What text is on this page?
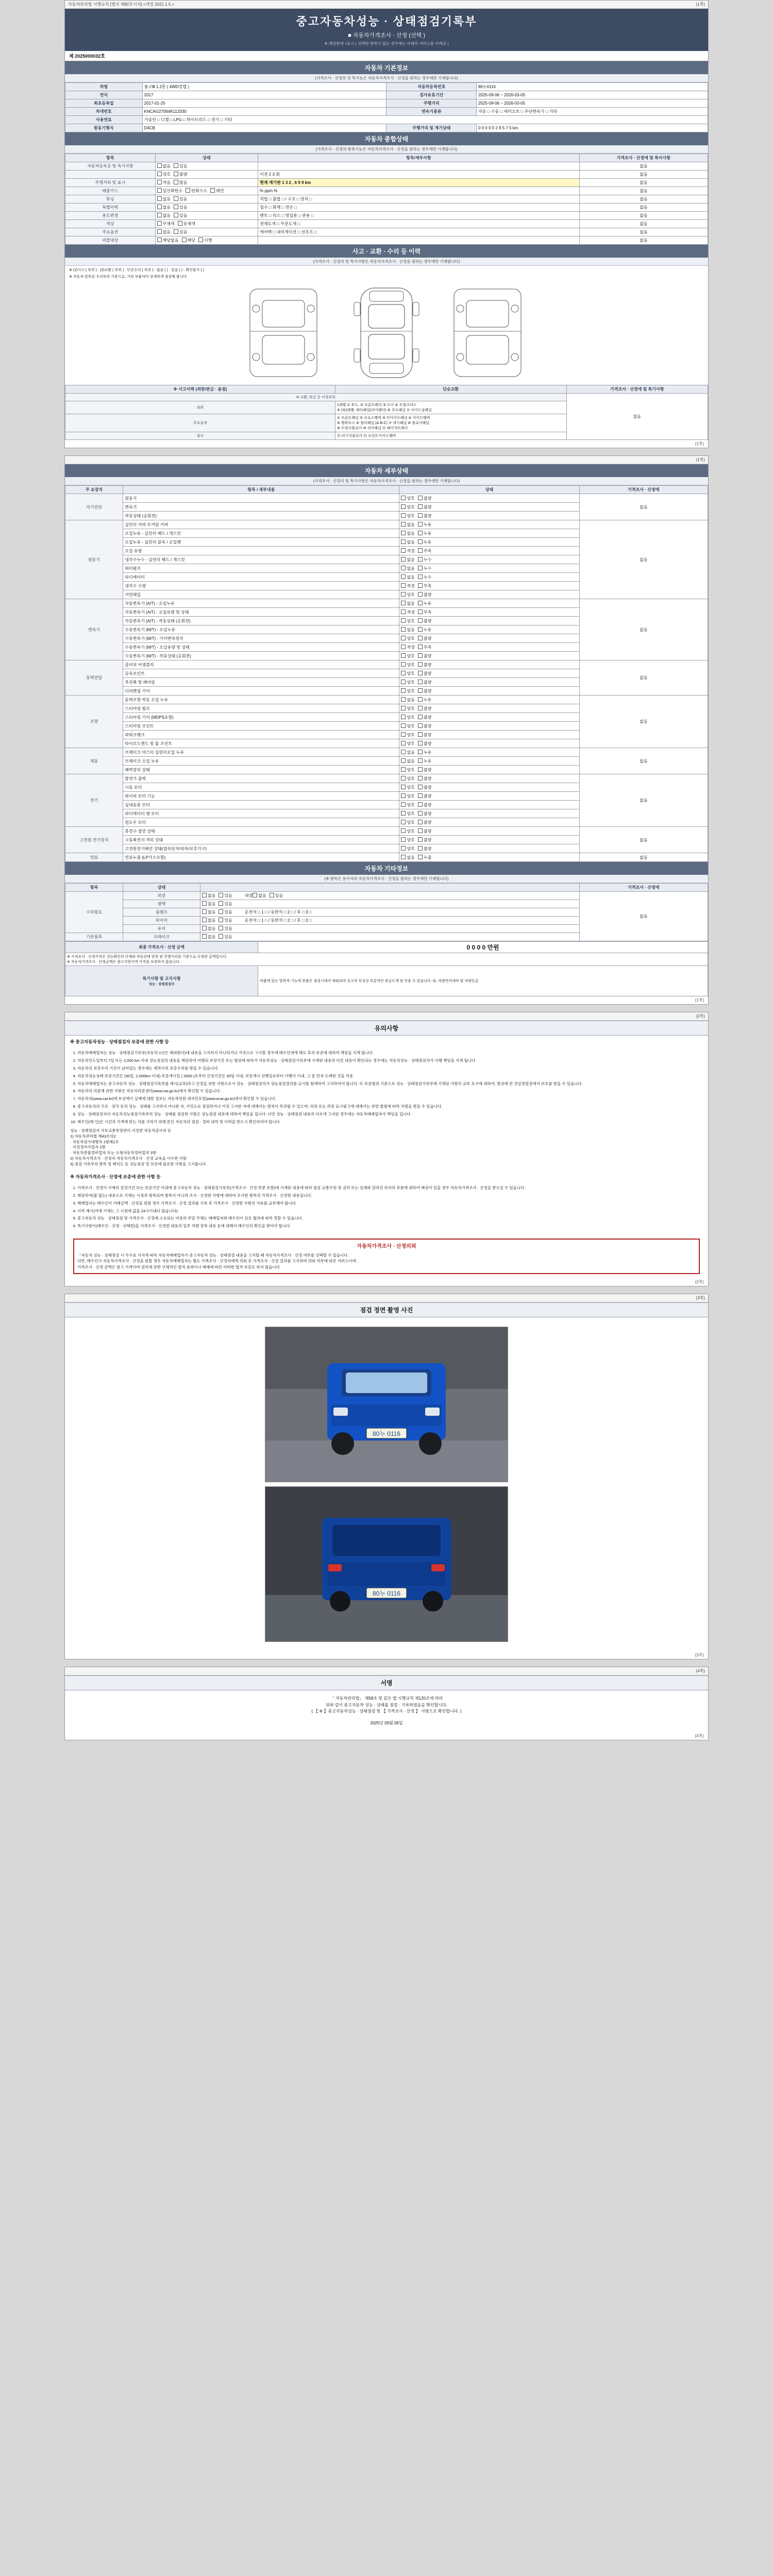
자동차관리법 시행규칙 [별지 제82호서식] <개정 2021.1.5.>	(1쪽)
중고자동차성능 · 상태점검기록부
■ 자동차가격조사 · 산정 (선택 )
※ 해당란에 √표시 ( 선택한 항목이 없는 경우에는 아래의 서비스를 미제공 )
제 2025000032호
자동차 기본정보
(가격조사 · 산정의 정 목기능은 자동차가격조사 · 산정을 원하는 경우에만 기재합니다)
차명	봉고Ⅲ 1.2톤 ( 4WD킹캡 )	자동차등록번호	80누0116
연식	2017	검사유효기간	2025-09-06 ~ 2026-03-05
최초등록일	2017-01-25	주행거리	2025-09-06 ~ 2026-03-05
차대번호	KNCAG27064K113330	변속기종류	자동 □ 수동 □ 세미오토 □ 무단변속기 □ 기타
사용연료	가솔린 □ 디젤 □ LPG □ 하이브리드 □ 전기 □ 기타		
원동기형식	D4CB	주행거리 및 계기상태	0 0 0 0 0 2 8 5 7 5 km
자동차 종합상태
(가격조사 · 산정의 항목기능은 자동차가격조사 · 산정을 원하는 경우에만 기재합니다)
항목	상태	항목/세부사항	가격조사 · 산정에 및 특이사항
자동차등록증 및 특기사항	없음 있음		없음
	양호 불량	이전 2 3 회	없음
주행거리 및 표시	적음 많음	현재 계기판 1 3 2 , 6 9 9 km	없음
배출가스	일산화탄소 탄화수소 매연	% ppm %	없음
튜닝	없음 있음	적법 □ 불법 □ / 구조 □ 장치 □	없음
특별이력	없음 있음	침수 □ 화재 □ 전손 □	없음
용도변경	없음 있음	렌트 □ 리스 □ 영업용 □ 관용 □	없음
색상	무채색 유채색	전체도색 □ 부분도색 □	없음
주요옵션	없음 있음	에어백 □ 내비게이션 □ 선루프 □	없음
리콜대상	해당없음 해당 이행		없음
사고 · 교환 · 수리 등 이력
(가격조사 · 산정의 및 특기사항은 자동차가격조사 · 산정을 원하는 경우에만 기재합니다)
※ (1)사고 ( 부위 ) · (2)교환 ( 부위 ) · 단순수리 ( 부위 ) · 없음 ( ) · 있음 ( ) · 확인불가 ( )
※ 자동차 앞부분 수리부위 기준으로, 기타 부품마다 상세하게 점검해 봅니다.
※ 사고이력 (외판/판금 · 용접)	단순교환	가격조사 · 산정에 및 특기사항
※ 교환, 판금 등 이상부위		없음
외판	1레벨 ① 후드, ② 프론트펜더 ③ 도어 ④ 트렁크리드
⑤ (외)레벨: 쿼터패널(리어펜더) ⑥ 루프패널 ⑦ 사이드실패널	

주요골격	① 프론트패널 ② 크로스멤버 ③ 인사이드패널 ④ 사이드멤버
⑤ 휠하우스 ⑥ 필러패널 (A·B·C) ⑦ 대시패널 ⑧ 플로어패널
⑨ 트렁크플로어 ⑩ 리어패널 ⑪ 패키지트레이	

침수	⑫ 러기지플로어 ⑬ 프런트사이드멤버	
(1쪽)
(1쪽)
자동차 세부상태
(가격조사 · 산정의 및 특기사항은 자동차가격조사 · 산정을 원하는 경우에만 기재합니다)
주 요장치	항목 / 세부내용	상태	가격조사 · 산정에
자기진단	원동기	양호 불량	없음
	변속기	양호 불량	
	작동상태 (공회전)	양호 불량	
원동기	실린더 커버 로커암 커버	없음 누유	없음
	오일누유 - 실린더 헤드 / 개스킷	없음 누유	
	오일누유 - 실린더 블록 / 오일팬	없음 누유	
	오일 유량	적정 부족	
	냉각수누수 - 실린더 헤드 / 개스킷	없음 누수	
	워터펌프	없음 누수	
	라디에이터	없음 누수	
	냉각수 수량	적정 부족	
	커먼레일	양호 불량	
변속기	자동변속기 (A/T) - 오일누유	없음 누유	없음
	자동변속기 (A/T) - 오일유량 및 상태	적정 부족	
	자동변속기 (A/T) - 작동상태 (공회전)	양호 불량	
	수동변속기 (M/T) - 오일누유	없음 누유	
	수동변속기 (M/T) - 기어변속장치	양호 불량	
	수동변속기 (M/T) - 오일유량 및 상태	적정 부족	
	수동변속기 (M/T) - 작동상태 (공회전)	양호 불량	
동력전달	클러치 어셈블리	양호 불량	없음
	등속조인트	양호 불량	
	추진축 및 베어링	양호 불량	
	디퍼렌셜 기어	양호 불량	
조향	동력조향 작동 오일 누유	없음 누유	없음
	스티어링 펌프	양호 불량	
	스티어링 기어 (MDPS포함)	양호 불량	
	스티어링 조인트	양호 불량	
	파워크랭크	양호 불량	
	타이로드엔드 및 볼 조인트	양호 불량	
제동	브레이크 마스터 실린더오일 누유	없음 누유	없음
	브레이크 오일 누유	없음 누유	
	배력장치 상태	양호 불량	
전기	발전기 출력	양호 불량	없음
	시동 모터	양호 불량	
	와이퍼 모터 기능	양호 불량	
	실내송풍 모터	양호 불량	
	라디에이터 팬 모터	양호 불량	
	윈도우 모터	양호 불량	
고전원 전기장치	충전구 절연 상태	양호 불량	없음
	구동축전지 격리 상태	양호 불량	
	고전원전기배선 상태(접속단자/피복/보호기구)	양호 불량	
연료	연료누출 (LP가스포함)	없음 누출	없음
자동차 기타정보
(※ 항목은 용사자의 자동차가격조사 · 산정을 원하는 경우에만 기재합니다)
항목	상태		가격조사 · 산정에
수리필요	외장	없음 있음 내장 없음 있음	없음
	광택	없음 있음	
	룸램프	없음 있음 운전석 □ 1 □ / 동반석 □ 2 □ / 후 □ 3 □	
	타이어	없음 있음 운전석 □ 1 □ / 동반석 □ 2 □ / 후 □ 3 □	
	유리	없음 있음	
기본품목	브레이크	없음 있음	
최종 가격조사 · 산정 금액	0 0 0 0 만원

※ 가격조사 · 산정가격은 성능확인의 단계와 작동상태 항목 및 주행거리를 기준으로 산정한 금액입니다.
※ 자동차가격조사 · 산정금액은 참고사항이며 가격을 보장하지 않습니다.	

특기사항 및 고지사항
성능 · 상태점검자	비품에 있는 항목적 기능에 부품은 점검시에서 제외되며 중고차 특성상 부분적인 판금도색 및 인용 수 있습니다. 또, 차량연식대비 및 차량등급
(1쪽)
(2쪽)
유의사항
※ 중고자동차성능 · 상태점검자 보증에 관한 사항 등
1. 자동차매매업자는 성능 · 상태점검기록부(자동차 1년은 제외한다)에 내용을 고지하지 아니하거나 거짓으로 고지할 경우에 매수인에게 매도 후의 보증에 대하여 책임을 지게 합니다.
2. 자동차인도일부터 7일 또는 2,000 km 이내 성능점검의 내용을 해당하여 이행되 보장기간 또는 범위에 따라서 자동차성능 · 상태점검기록부에 기재된 내용과 다른 내용이 확인되는 경우에는 자동차성능 · 상태점검자가 이행 책임을 지게 됩니다.
3. 자동차의 보증수리 기간이 남아있는 경우에는 제작사의 보증수리를 받을 수 있습니다.
4. 자동차성능상태 보증기간은 (30일, 2,000km 이내) 보증개시일 ( 2000 )로부터 산정기간은 30일 이내, 보증개시 선행일로부터 이행이 이내, 그 중 먼저 도래한 것을 적용.
5. 자동차매매업자는 중고자동차 성능 · 상태점검기록부를 제시(교부)하고 산정을 위한 사항으로서 성능 · 상태점검자가 성능점검결과를 교시를 함께하여 고지하여야 합니다. 또 보증범위 기준으로 성능 · 상태점검기록부에 기재된 사항의 교부 요구에 대하여, 범위에 관 것임영업장에서 보호를 받을 수 있습니다.
6. 자동차의 리콜에 관한 사항은 자동차리콜센터(www.car.go.kr)에서 확인할 수 있습니다.
7. 자동차의(www.car.kr)에 보상액이 실제에 대한 정보는 자동차민원 대국민포털(www.ecar.go.kr)에서 확인할 수 있습니다.
8. 중고자동차의 구조 · 장치 등의 성능 · 상태를 고지하지 아니한 자, 거짓으로 점검하거나 거짓 고지한 자에 대해서는 벌칙이 부과될 수 있으며, 허위 또는 과장 표시광고에 대해서는 관련 법령에 따라 처벌을 받을 수 있습니다.
9. 성능 · 상태점검자의 자동차성능점검기록부의 성능 · 상태를 점검한 사람은 성능점검 내용에 대하여 책임을 집니다. 다만 성능 · 상태점검 내용과 다르게 고지된 경우에는 자동차매매업자가 책임을 집니다.
10. 매수인(매 인)은 시간과 가격에 맞는 차를 구하기 위해 본인 자동차의 점검 · 정비 내역 및 이력을 반드시 확인하여야 합니다.
성능 · 상태점검자 국토교통부장관이 지정한 자동차검사자 등
1) 자동차관리법 제43조의2
· 자동차검사대행자 1항제1호
· 지정정비사업자 2항
· 자동차종합정비업자 또는 소형자동차정비업자 3항
2) 자동차가격조사 · 산정자 자동차가격조사 · 산정 교육을 이수한 사람
3) 점검 기록부의 항목 및 배치도 등 성능점검 및 보증에 필요한 사항을 고시합니다.
※ 자동차가격조사 · 산정에 보증에 관한 사항 등
1. 가격조사 · 산정이 사제의 설정기간 또는 보증기간 이내에 중고자동차 성능 · 상태점검기록부(가격조사 · 산정 부분 포함)에 기재된 내용에 따라 점검 교통수단 및 권리 또는 실제와 달라진 하자의 부분에 대하여 배상이 있을 경우 자동차가격조사 · 산정을 받으실 수 있습니다.
2. 해당하여(불 없는) 내용으로 기재는 시청과 항목되며 항목이 아니라 조사 · 산정한 사항에 대하여 조사한 항목의 가격조사 · 산정한 내용입니다.
3. 매매업자는 매수인이 거래금액 · 산정을 원할 경우 가격조사 · 산정 결과를 기록 후 가격조사 · 산정한 사항의 서류를 교부해야 합니다.
4. 이력 제시(여에 기재는 그 시점에 값을 24시이내다 않습니다).
5. 중고자동차 성능 · 상태점검 및 가격조사 · 산정에 소요되는 비용의 부담 주체는 매매업자와 매수인이 상호 협의에 따라 정할 수 있습니다.
6. 특기사항이(매수인 · 산정 · 선택한)을 가격조사 · 산정한 내용의 일부 차량 장착 내용 등에 대해서 매수인의 확인을 받아야 합니다.
자동차가격조사 · 산정의뢰
「자동차 성능 · 상태점검 시 수수료 서식에 따라 자동차매매업자가 중고자동차 성능 · 상태점검 내용을 고지할 때 자동차가격조사 · 산정 여부를 선택할 수 있습니다.
다만, 매수인이 자동차가격조사 · 산정을 원할 경우 자동차매매업자는 별도 가격조사 · 산정자에게 의뢰 후 가격조사 · 산정 결과를 고지하며 의뢰 여부에 따른 서비스이며,
가격조사 · 산정 금액은 참고 가격이며 권리에 관한 구체적인 법적 효력이나 매매에 따른 어떠한 법적 보증도 하지 않습니다.
(2쪽)
(3쪽)
점검 정면 촬영 사진
80누 0116
80누 0116
(3쪽)
(4쪽)
서명
「 자동차관리법」 제58조 및 같은 법 시행규칙 제120조에 따라
위와 같이 중고자동차 성능 · 상태를 점검 · 기록하였음을 확인합니다.
( 【 ※ 】중고자동차성능 · 상태점검 및 【 가격조사 · 산정 】 서명으로 확인합니다. )
2025년 09월 06일
(4쪽)
